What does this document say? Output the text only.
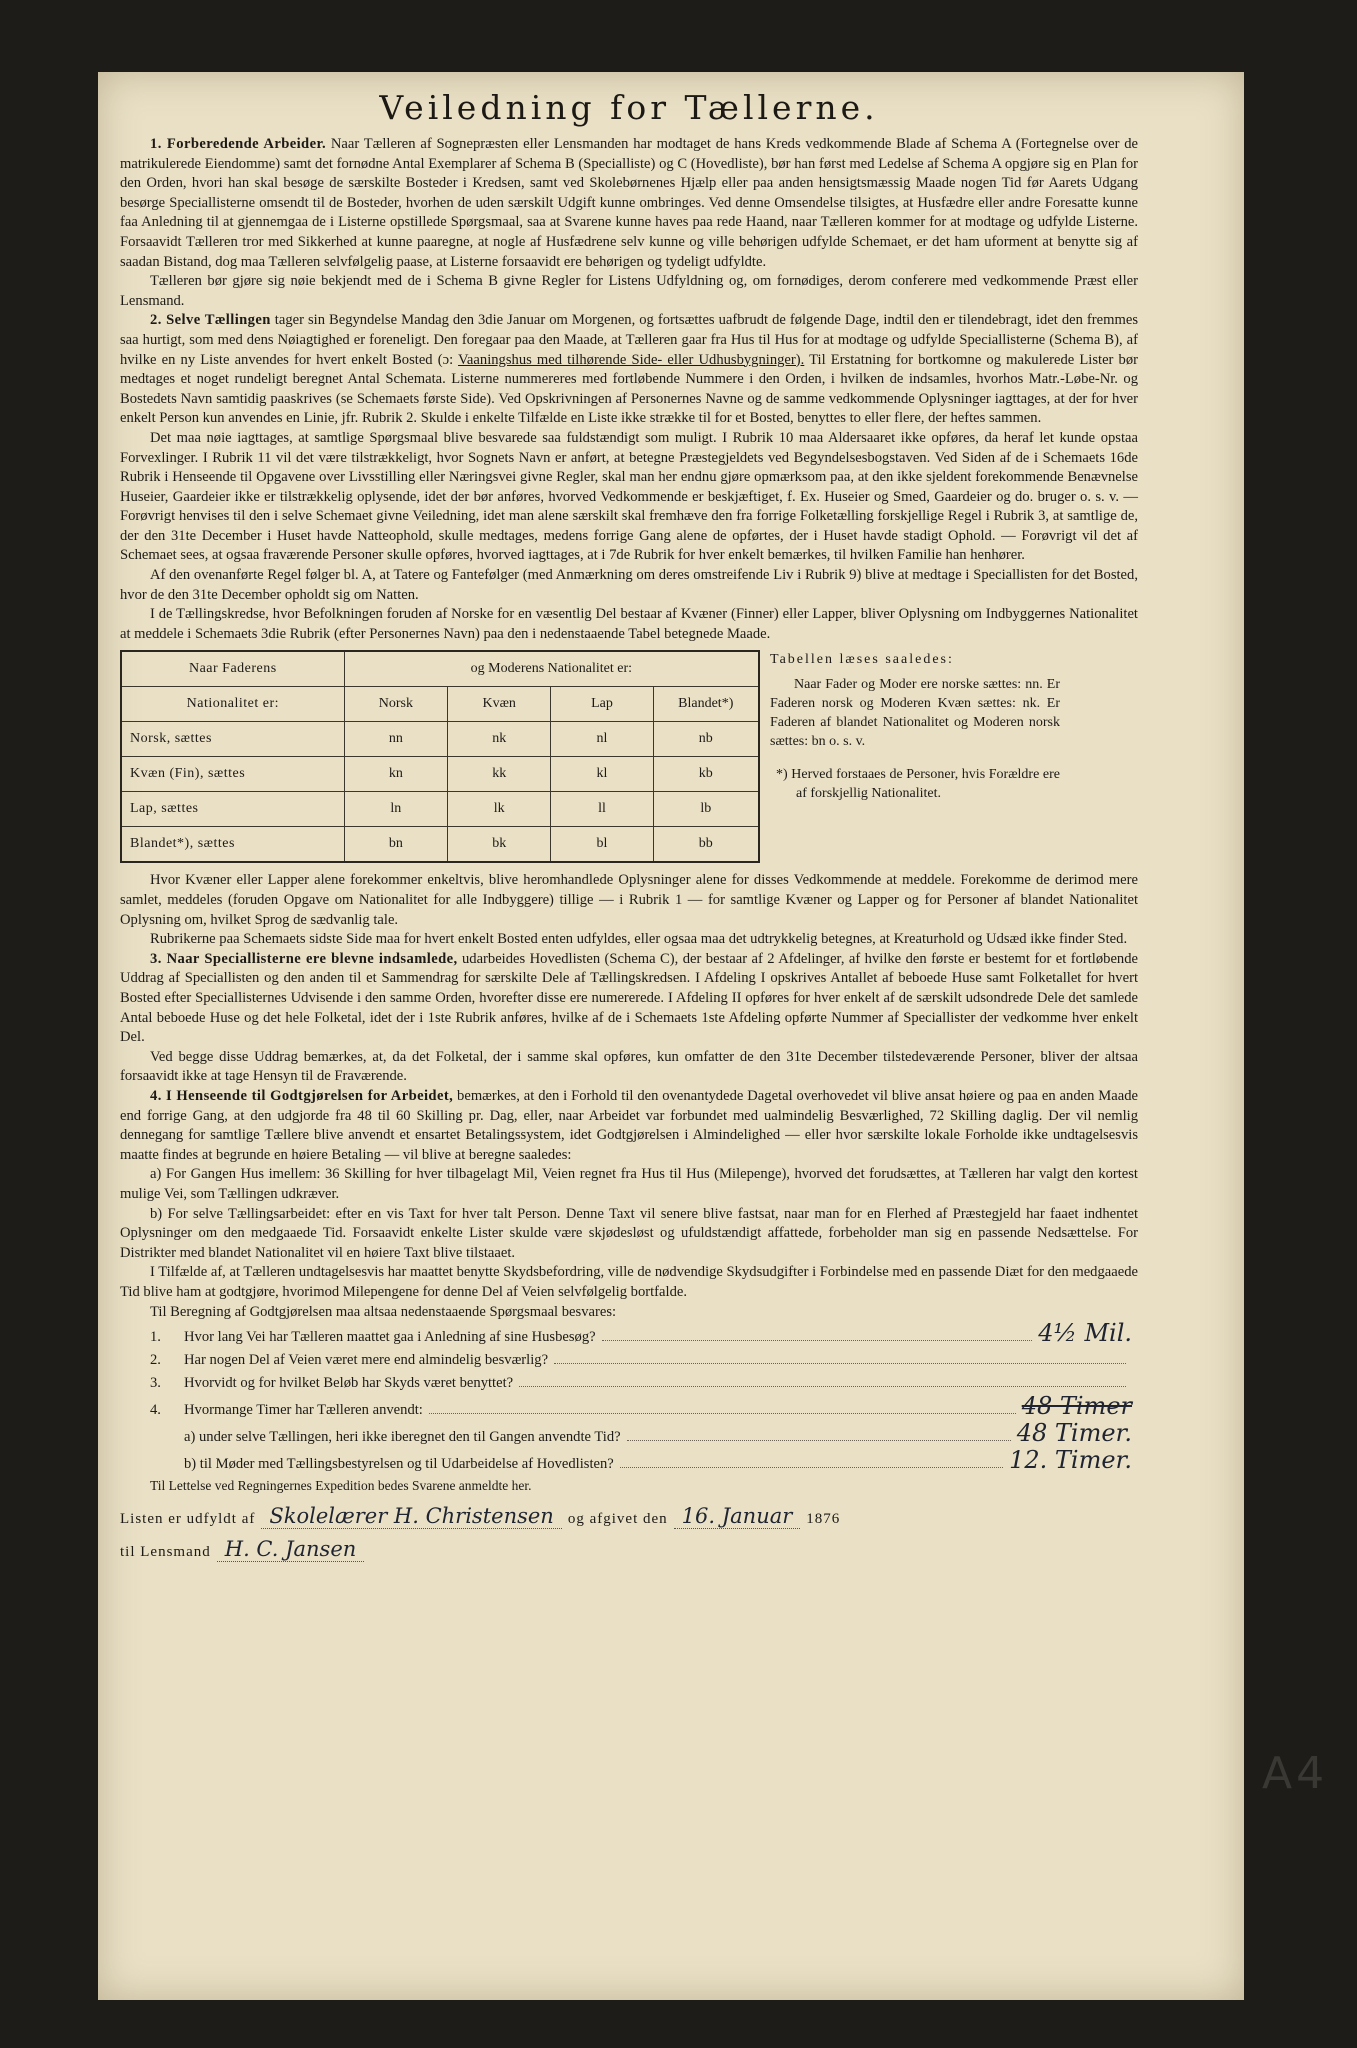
Veiledning for Tællerne.

1. Forberedende Arbeider. Naar Tælleren af Sognepræsten eller Lensmanden har modtaget de hans Kreds vedkommende Blade af Schema A (Fortegnelse over de matrikulerede Eiendomme) samt det fornødne Antal Exemplarer af Schema B (Specialliste) og C (Hovedliste), bør han først med Ledelse af Schema A opgjøre sig en Plan for den Orden, hvori han skal besøge de særskilte Bosteder i Kredsen, samt ved Skolebørnenes Hjælp eller paa anden hensigtsmæssig Maade nogen Tid før Aarets Udgang besørge Speciallisterne omsendt til de Bosteder, hvorhen de uden særskilt Udgift kunne ombringes. Ved denne Omsendelse tilsigtes, at Husfædre eller andre Foresatte kunne faa Anledning til at gjennemgaa de i Listerne opstillede Spørgsmaal, saa at Svarene kunne haves paa rede Haand, naar Tælleren kommer for at modtage og udfylde Listerne. Forsaavidt Tælleren tror med Sikkerhed at kunne paaregne, at nogle af Husfædrene selv kunne og ville behørigen udfylde Schemaet, er det ham uforment at benytte sig af saadan Bistand, dog maa Tælleren selvfølgelig paase, at Listerne forsaavidt ere behørigen og tydeligt udfyldte.

Tælleren bør gjøre sig nøie bekjendt med de i Schema B givne Regler for Listens Udfyldning og, om fornødiges, derom conferere med vedkommende Præst eller Lensmand.

2. Selve Tællingen tager sin Begyndelse Mandag den 3die Januar om Morgenen, og fortsættes uafbrudt de følgende Dage, indtil den er tilendebragt, idet den fremmes saa hurtigt, som med dens Nøiagtighed er foreneligt. Den foregaar paa den Maade, at Tælleren gaar fra Hus til Hus for at modtage og udfylde Speciallisterne (Schema B), af hvilke en ny Liste anvendes for hvert enkelt Bosted (ɔ: Vaaningshus med tilhørende Side- eller Udhusbygninger). Til Erstatning for bortkomne og makulerede Lister bør medtages et noget rundeligt beregnet Antal Schemata. Listerne nummereres med fortløbende Nummere i den Orden, i hvilken de indsamles, hvorhos Matr.-Løbe-Nr. og Bostedets Navn samtidig paaskrives (se Schemaets første Side). Ved Opskrivningen af Personernes Navne og de samme vedkommende Oplysninger iagttages, at der for hver enkelt Person kun anvendes en Linie, jfr. Rubrik 2. Skulde i enkelte Tilfælde en Liste ikke strække til for et Bosted, benyttes to eller flere, der heftes sammen.

Det maa nøie iagttages, at samtlige Spørgsmaal blive besvarede saa fuldstændigt som muligt. I Rubrik 10 maa Aldersaaret ikke opføres, da heraf let kunde opstaa Forvexlinger. I Rubrik 11 vil det være tilstrækkeligt, hvor Sognets Navn er anført, at betegne Præstegjeldets ved Begyndelsesbogstaven. Ved Siden af de i Schemaets 16de Rubrik i Henseende til Opgavene over Livsstilling eller Næringsvei givne Regler, skal man her endnu gjøre opmærksom paa, at den ikke sjeldent forekommende Benævnelse Huseier, Gaardeier ikke er tilstrækkelig oplysende, idet der bør anføres, hvorved Vedkommende er beskjæftiget, f. Ex. Huseier og Smed, Gaardeier og do. bruger o. s. v. — Forøvrigt henvises til den i selve Schemaet givne Veiledning, idet man alene særskilt skal fremhæve den fra forrige Folketælling forskjellige Regel i Rubrik 3, at samtlige de, der den 31te December i Huset havde Natteophold, skulle medtages, medens forrige Gang alene de opførtes, der i Huset havde stadigt Ophold. — Forøvrigt vil det af Schemaet sees, at ogsaa fraværende Personer skulle opføres, hvorved iagttages, at i 7de Rubrik for hver enkelt bemærkes, til hvilken Familie han henhører.

Af den ovenanførte Regel følger bl. A, at Tatere og Fantefølger (med Anmærkning om deres omstreifende Liv i Rubrik 9) blive at medtage i Speciallisten for det Bosted, hvor de den 31te December opholdt sig om Natten.

I de Tællingskredse, hvor Befolkningen foruden af Norske for en væsentlig Del bestaar af Kvæner (Finner) eller Lapper, bliver Oplysning om Indbyggernes Nationalitet at meddele i Schemaets 3die Rubrik (efter Personernes Navn) paa den i nedenstaaende Tabel betegnede Maade.

Naar Faderens	og Moderens Nationalitet er:			
Nationalitet er:	Norsk	Kvæn	Lap	Blandet*)
Norsk, sættes	nn	nk	nl	nb
Kvæn (Fin), sættes	kn	kk	kl	kb
Lap, sættes	ln	lk	ll	lb
Blandet*), sættes	bn	bk	bl	bb
Tabellen læses saaledes:
Naar Fader og Moder ere norske sættes: nn. Er Faderen norsk og Moderen Kvæn sættes: nk. Er Faderen af blandet Nationalitet og Moderen norsk sættes: bn o. s. v.
*) Herved forstaaes de Personer, hvis Forældre ere af forskjellig Nationalitet.

Hvor Kvæner eller Lapper alene forekommer enkeltvis, blive heromhandlede Oplysninger alene for disses Vedkommende at meddele. Forekomme de derimod mere samlet, meddeles (foruden Opgave om Nationalitet for alle Indbyggere) tillige — i Rubrik 1 — for samtlige Kvæner og Lapper og for Personer af blandet Nationalitet Oplysning om, hvilket Sprog de sædvanlig tale.

Rubrikerne paa Schemaets sidste Side maa for hvert enkelt Bosted enten udfyldes, eller ogsaa maa det udtrykkelig betegnes, at Kreaturhold og Udsæd ikke finder Sted.

3. Naar Speciallisterne ere blevne indsamlede, udarbeides Hovedlisten (Schema C), der bestaar af 2 Afdelinger, af hvilke den første er bestemt for et fortløbende Uddrag af Speciallisten og den anden til et Sammendrag for særskilte Dele af Tællingskredsen. I Afdeling I opskrives Antallet af beboede Huse samt Folketallet for hvert Bosted efter Speciallisternes Udvisende i den samme Orden, hvorefter disse ere numererede. I Afdeling II opføres for hver enkelt af de særskilt udsondrede Dele det samlede Antal beboede Huse og det hele Folketal, idet der i 1ste Rubrik anføres, hvilke af de i Schemaets 1ste Afdeling opførte Nummer af Speciallister der vedkomme hver enkelt Del.

Ved begge disse Uddrag bemærkes, at, da det Folketal, der i samme skal opføres, kun omfatter de den 31te December tilstedeværende Personer, bliver der altsaa forsaavidt ikke at tage Hensyn til de Fraværende.

4. I Henseende til Godtgjørelsen for Arbeidet, bemærkes, at den i Forhold til den ovenantydede Dagetal overhovedet vil blive ansat høiere og paa en anden Maade end forrige Gang, at den udgjorde fra 48 til 60 Skilling pr. Dag, eller, naar Arbeidet var forbundet med ualmindelig Besværlighed, 72 Skilling daglig. Der vil nemlig dennegang for samtlige Tællere blive anvendt et ensartet Betalingssystem, idet Godtgjørelsen i Almindelighed — eller hvor særskilte lokale Forholde ikke undtagelsesvis maatte findes at begrunde en høiere Betaling — vil blive at beregne saaledes:

a) For Gangen Hus imellem: 36 Skilling for hver tilbagelagt Mil, Veien regnet fra Hus til Hus (Milepenge), hvorved det forudsættes, at Tælleren har valgt den kortest mulige Vei, som Tællingen udkræver.

b) For selve Tællingsarbeidet: efter en vis Taxt for hver talt Person. Denne Taxt vil senere blive fastsat, naar man for en Flerhed af Præstegjeld har faaet indhentet Oplysninger om den medgaaede Tid. Forsaavidt enkelte Lister skulde være skjødesløst og ufuldstændigt affattede, forbeholder man sig en passende Nedsættelse. For Distrikter med blandet Nationalitet vil en høiere Taxt blive tilstaaet.

I Tilfælde af, at Tælleren undtagelsesvis har maattet benytte Skydsbefordring, ville de nødvendige Skydsudgifter i Forbindelse med en passende Diæt for den medgaaede Tid blive ham at godtgjøre, hvorimod Milepengene for denne Del af Veien selvfølgelig bortfalde.

Til Beregning af Godtgjørelsen maa altsaa nedenstaaende Spørgsmaal besvares:

1.	Hvor lang Vei har Tælleren maattet gaa i Anledning af sine Husbesøg?	4½ Mil.
2.	Har nogen Del af Veien været mere end almindelig besværlig?
3.	Hvorvidt og for hvilket Beløb har Skyds været benyttet?
4.	Hvormange Timer har Tælleren anvendt:	48 Timer
a) under selve Tællingen, heri ikke iberegnet den til Gangen anvendte Tid?	48 Timer.
b) til Møder med Tællingsbestyrelsen og til Udarbeidelse af Hovedlisten?	12. Timer.

Til Lettelse ved Regningernes Expedition bedes Svarene anmeldte her.

Listen er udfyldt af Skolelærer H. Christensen og afgivet den 16. Januar 1876
til Lensmand H. C. Jansen
A4
